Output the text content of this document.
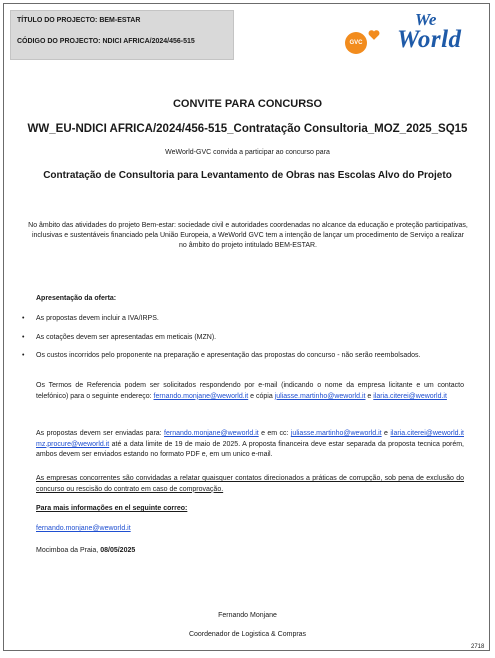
TÍTULO DO PROJECTO: BEM-ESTAR
CÓDIGO DO PROJECTO: NDICI AFRICA/2024/456-515	GVC
We
World
CONVITE PARA CONCURSO
WW_EU-NDICI AFRICA/2024/456-515_Contratação Consultoria_MOZ_2025_SQ15
WeWorld-GVC convida a participar ao concurso para
Contratação de Consultoria para Levantamento de Obras nas Escolas Alvo do Projeto
No âmbito das atividades do projeto Bem-estar: sociedade civil e autoridades coordenadas no alcance da educação e proteção participativas, inclusivas e sustentáveis financiado pela União Europeia, a WeWorld GVC tem a intenção de lançar um procedimento de Serviço a realizar no âmbito do projeto intitulado BEM-ESTAR.
Apresentação da oferta:
• As propostas devem incluir a IVA/IRPS.
• As cotações devem ser apresentadas em meticais (MZN).
• Os custos incorridos pelo proponente na preparação e apresentação das propostas do concurso - não serão reembolsados.
Os Termos de Referencia podem ser solicitados respondendo por e-mail (indicando o nome da empresa licitante e um contacto telefónico) para o seguinte endereço: fernando.monjane@weworld.it e cópia juliasse.martinho@weworld.it e ilaria.citerei@weworld.it
As propostas devem ser enviadas para: fernando.monjane@weworld.it e em cc: juliasse.martinho@weworld.it e ilaria.citerei@weworld.it mz.procure@weworld.it até a data limite de 19 de maio de 2025. A proposta financeira deve estar separada da proposta tecnica porém, ambos devem ser enviados estando no formato PDF e, em um unico e-mail.
As empresas concorrentes são convidadas a relatar quaisquer contatos direcionados a práticas de corrupção, sob pena de exclusão do concurso ou rescisão do contrato em caso de comprovação.
Para mais informações en el seguinte correo:
fernando.monjane@weworld.it
Mocimboa da Praia, 08/05/2025
Fernando Monjane
Coordenador de Logistica & Compras
2718
